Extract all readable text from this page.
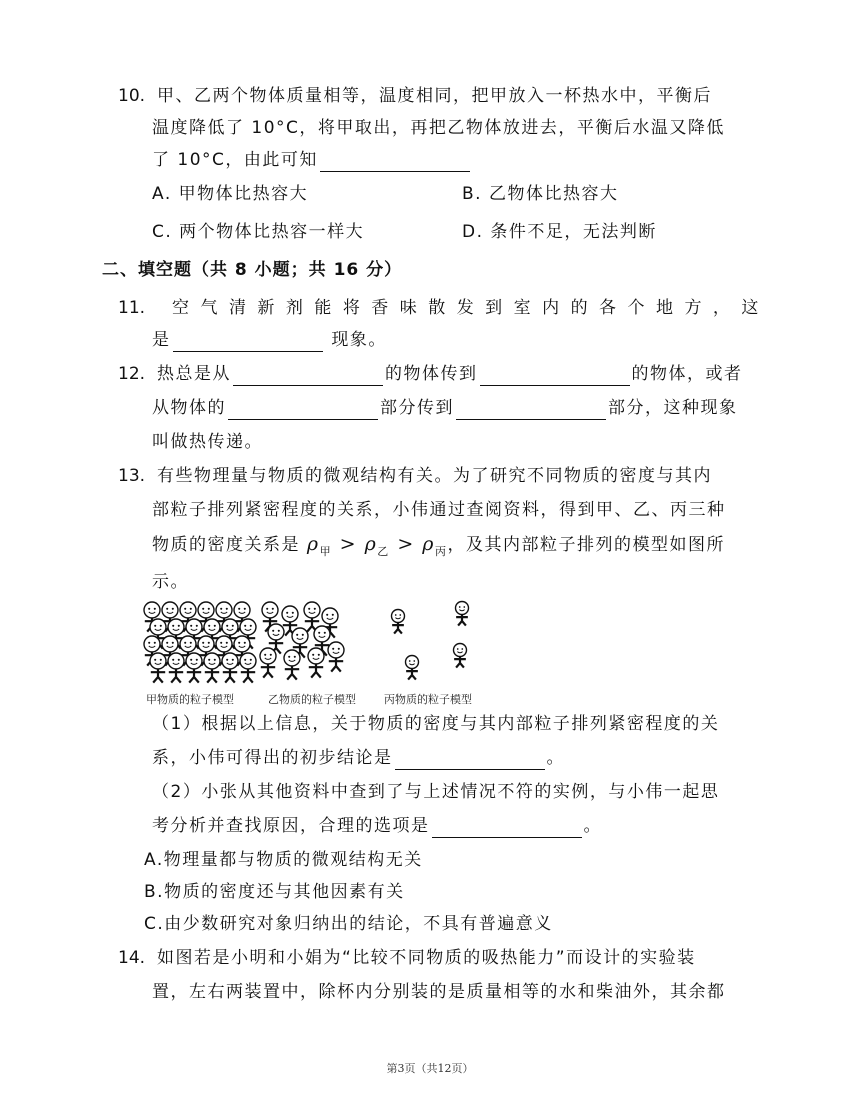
10. 甲、乙两个物体质量相等，温度相同，把甲放入一杯热水中，平衡后
温度降低了 10°C，将甲取出，再把乙物体放进去，平衡后水温又降低
了 10°C，由此可知
A. 甲物体比热容大	B. 乙物体比热容大
C. 两个物体比热容一样大	D. 条件不足，无法判断
二、填空题（共 8 小题；共 16 分）
11. 空 气 清 新 剂 能 将 香 味 散 发 到 室 内 的 各 个 地 方 ， 这
是	现象。
12. 热总是从	的物体传到	的物体，或者
从物体的	部分传到	部分，这种现象
叫做热传递。
13. 有些物理量与物质的微观结构有关。为了研究不同物质的密度与其内
部粒子排列紧密程度的关系，小伟通过查阅资料，得到甲、乙、丙三种
物质的密度关系是 $\rho_甲 > \rho_乙 > \rho_丙$，及其内部粒子排列的模型如图所
示。
甲物质的粒子模型	乙物质的粒子模型	丙物质的粒子模型
（1）根据以上信息，关于物质的密度与其内部粒子排列紧密程度的关
系，小伟可得出的初步结论是	。
（2）小张从其他资料中查到了与上述情况不符的实例，与小伟一起思
考分析并查找原因，合理的选项是	。
A.物理量都与物质的微观结构无关
B.物质的密度还与其他因素有关
C.由少数研究对象归纳出的结论，不具有普遍意义
14. 如图若是小明和小娟为“比较不同物质的吸热能力”而设计的实验装
置，左右两装置中，除杯内分别装的是质量相等的水和柴油外，其余都
第3页（共12页）
